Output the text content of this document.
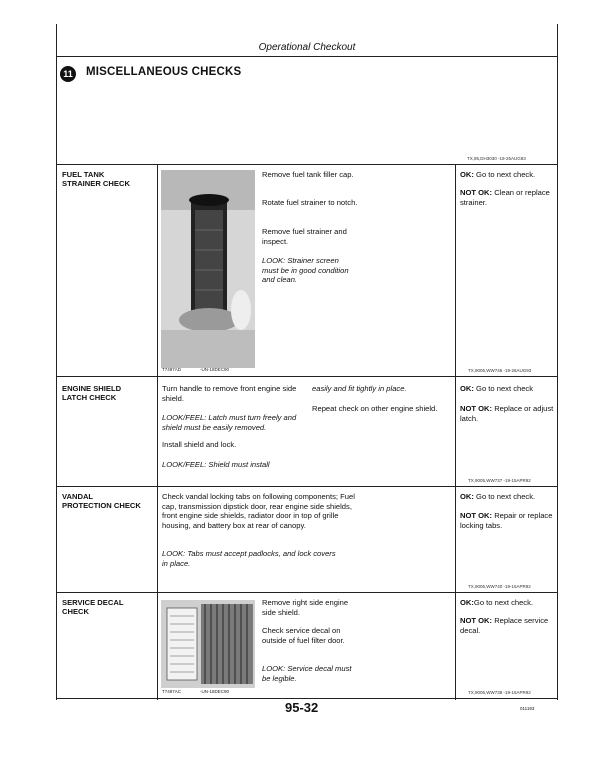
Operational Checkout
11 MISCELLANEOUS CHECKS
TX,95,DH3030 -19-26AUG93
FUEL TANK
STRAINER CHECK
T7497AD	-UN-18DEC90
Remove fuel tank filler cap.
Rotate fuel strainer to notch.
Remove fuel strainer and inspect.
LOOK: Strainer screen must be in good condition and clean.
OK: Go to next check.
NOT OK: Clean or replace strainer.
TX,9005,WW746 -19-26AUG93
ENGINE SHIELD
LATCH CHECK
Turn handle to remove front engine side shield.
LOOK/FEEL: Latch must turn freely and shield must be easily removed.
Install shield and lock.
LOOK/FEEL: Shield must install
easily and fit tightly in place.
Repeat check on other engine shield.
OK: Go to next check
NOT OK: Replace or adjust latch.
TX,9005,WW737 -19-15APR92
VANDAL
PROTECTION CHECK
Check vandal locking tabs on following components; Fuel cap, transmission dipstick door, rear engine side shields, front engine side shields, radiator door in top of grille housing, and battery box at rear of canopy.
LOOK: Tabs must accept padlocks, and lock covers in place.
OK: Go to next check.
NOT OK: Repair or replace locking tabs.
TX,9005,WW740 -19-15APR92
SERVICE DECAL
CHECK
T7497AC	-UN-18DEC90
Remove right side engine side shield.
Check service decal on outside of fuel filter door.
LOOK: Service decal must be legible.
OK:Go to next check.
NOT OK: Replace service decal.
TX,9005,WW738 -19-15APR92
95-32	011193
